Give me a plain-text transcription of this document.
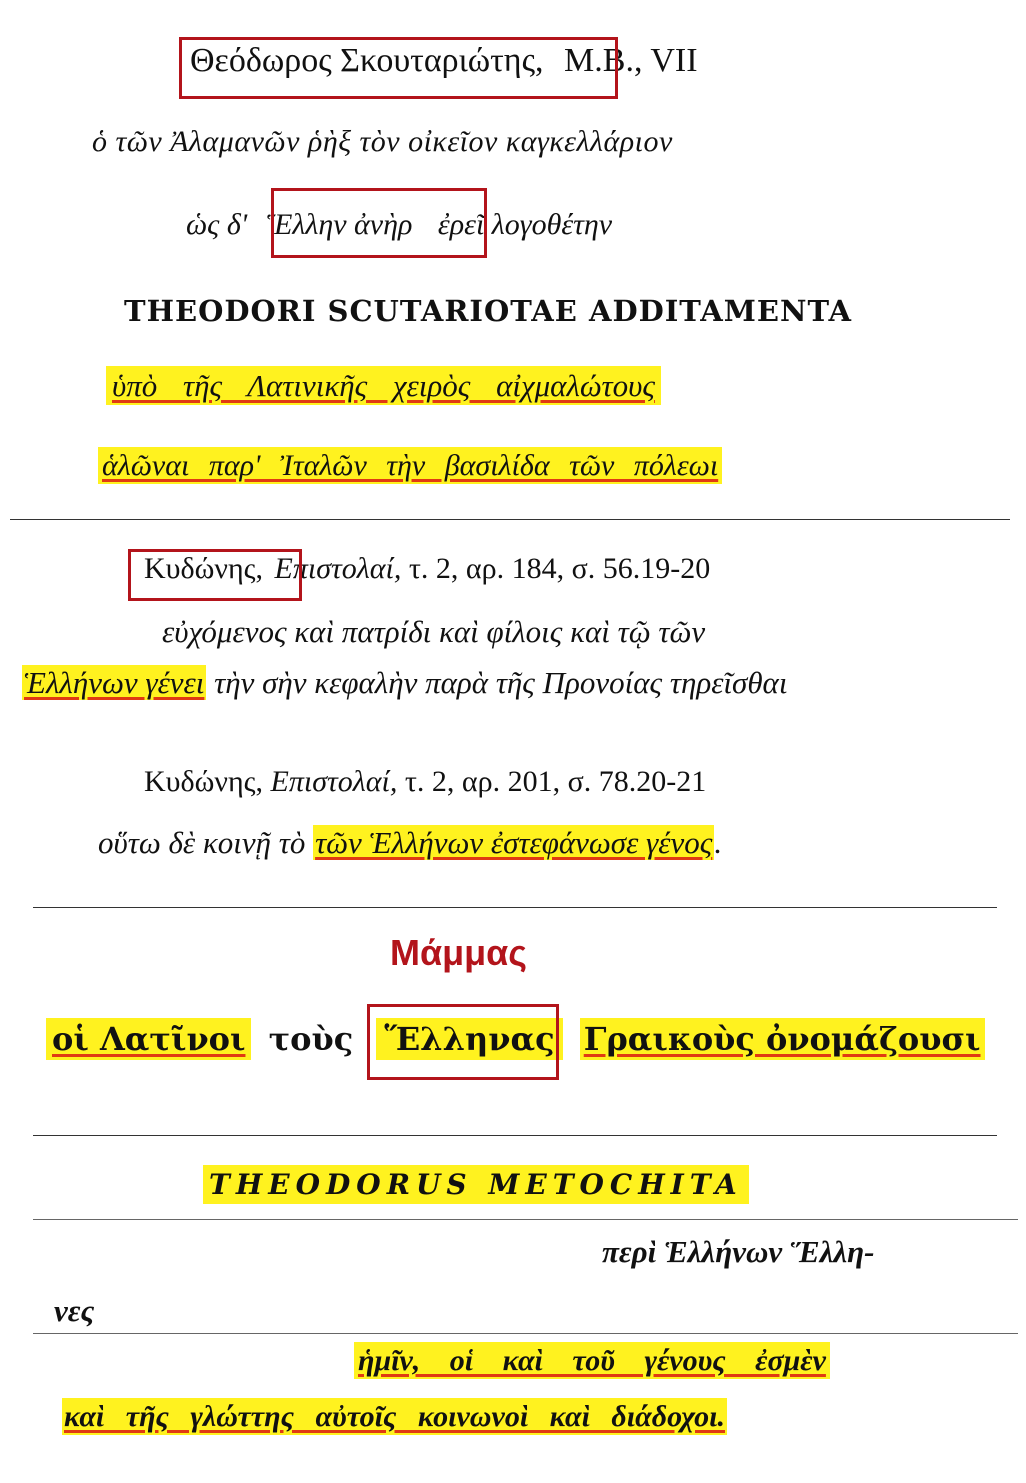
Θεόδωρος Σκουταριώτης, M.B., VII
ὁ τῶν Ἀλαμανῶν ῥὴξ τὸν οἰκεῖον καγκελλάριον
ὡς δ' Ἕλλην ἀνὴρ ἐρεῖ λογοθέτην
THEODORI SCUTARIOTAE ADDITAMENTA
ὑπὸ τῆς Λατινικῆς χειρὸς αἰχμαλώτους
ἁλῶναι παρ' Ἰταλῶν τὴν βασιλίδα τῶν πόλεωι
Κυδώνης, Επιστολαί, τ. 2, αρ. 184, σ. 56.19-20
εὐχόμενος καὶ πατρίδι καὶ φίλοις καὶ τῷ τῶν
Ἑλλήνων γένει τὴν σὴν κεφαλὴν παρὰ τῆς Προνοίας τηρεῖσθαι
Κυδώνης, Επιστολαί, τ. 2, αρ. 201, σ. 78.20-21
οὕτω δὲ κοινῇ τὸ τῶν Ἑλλήνων ἐστεφάνωσε γένος.
Μάμμας
οἱ Λατῖνοι τοὺς Ἕλληνας Γραικοὺς ὀνομάζουσι
THEODORUS METOCHITA
περὶ Ἑλλήνων Ἕλλη-
νες
ἡμῖν, οἱ καὶ τοῦ γένους ἐσμὲν
καὶ τῆς γλώττης αὐτοῖς κοινωνοὶ καὶ διάδοχοι.
